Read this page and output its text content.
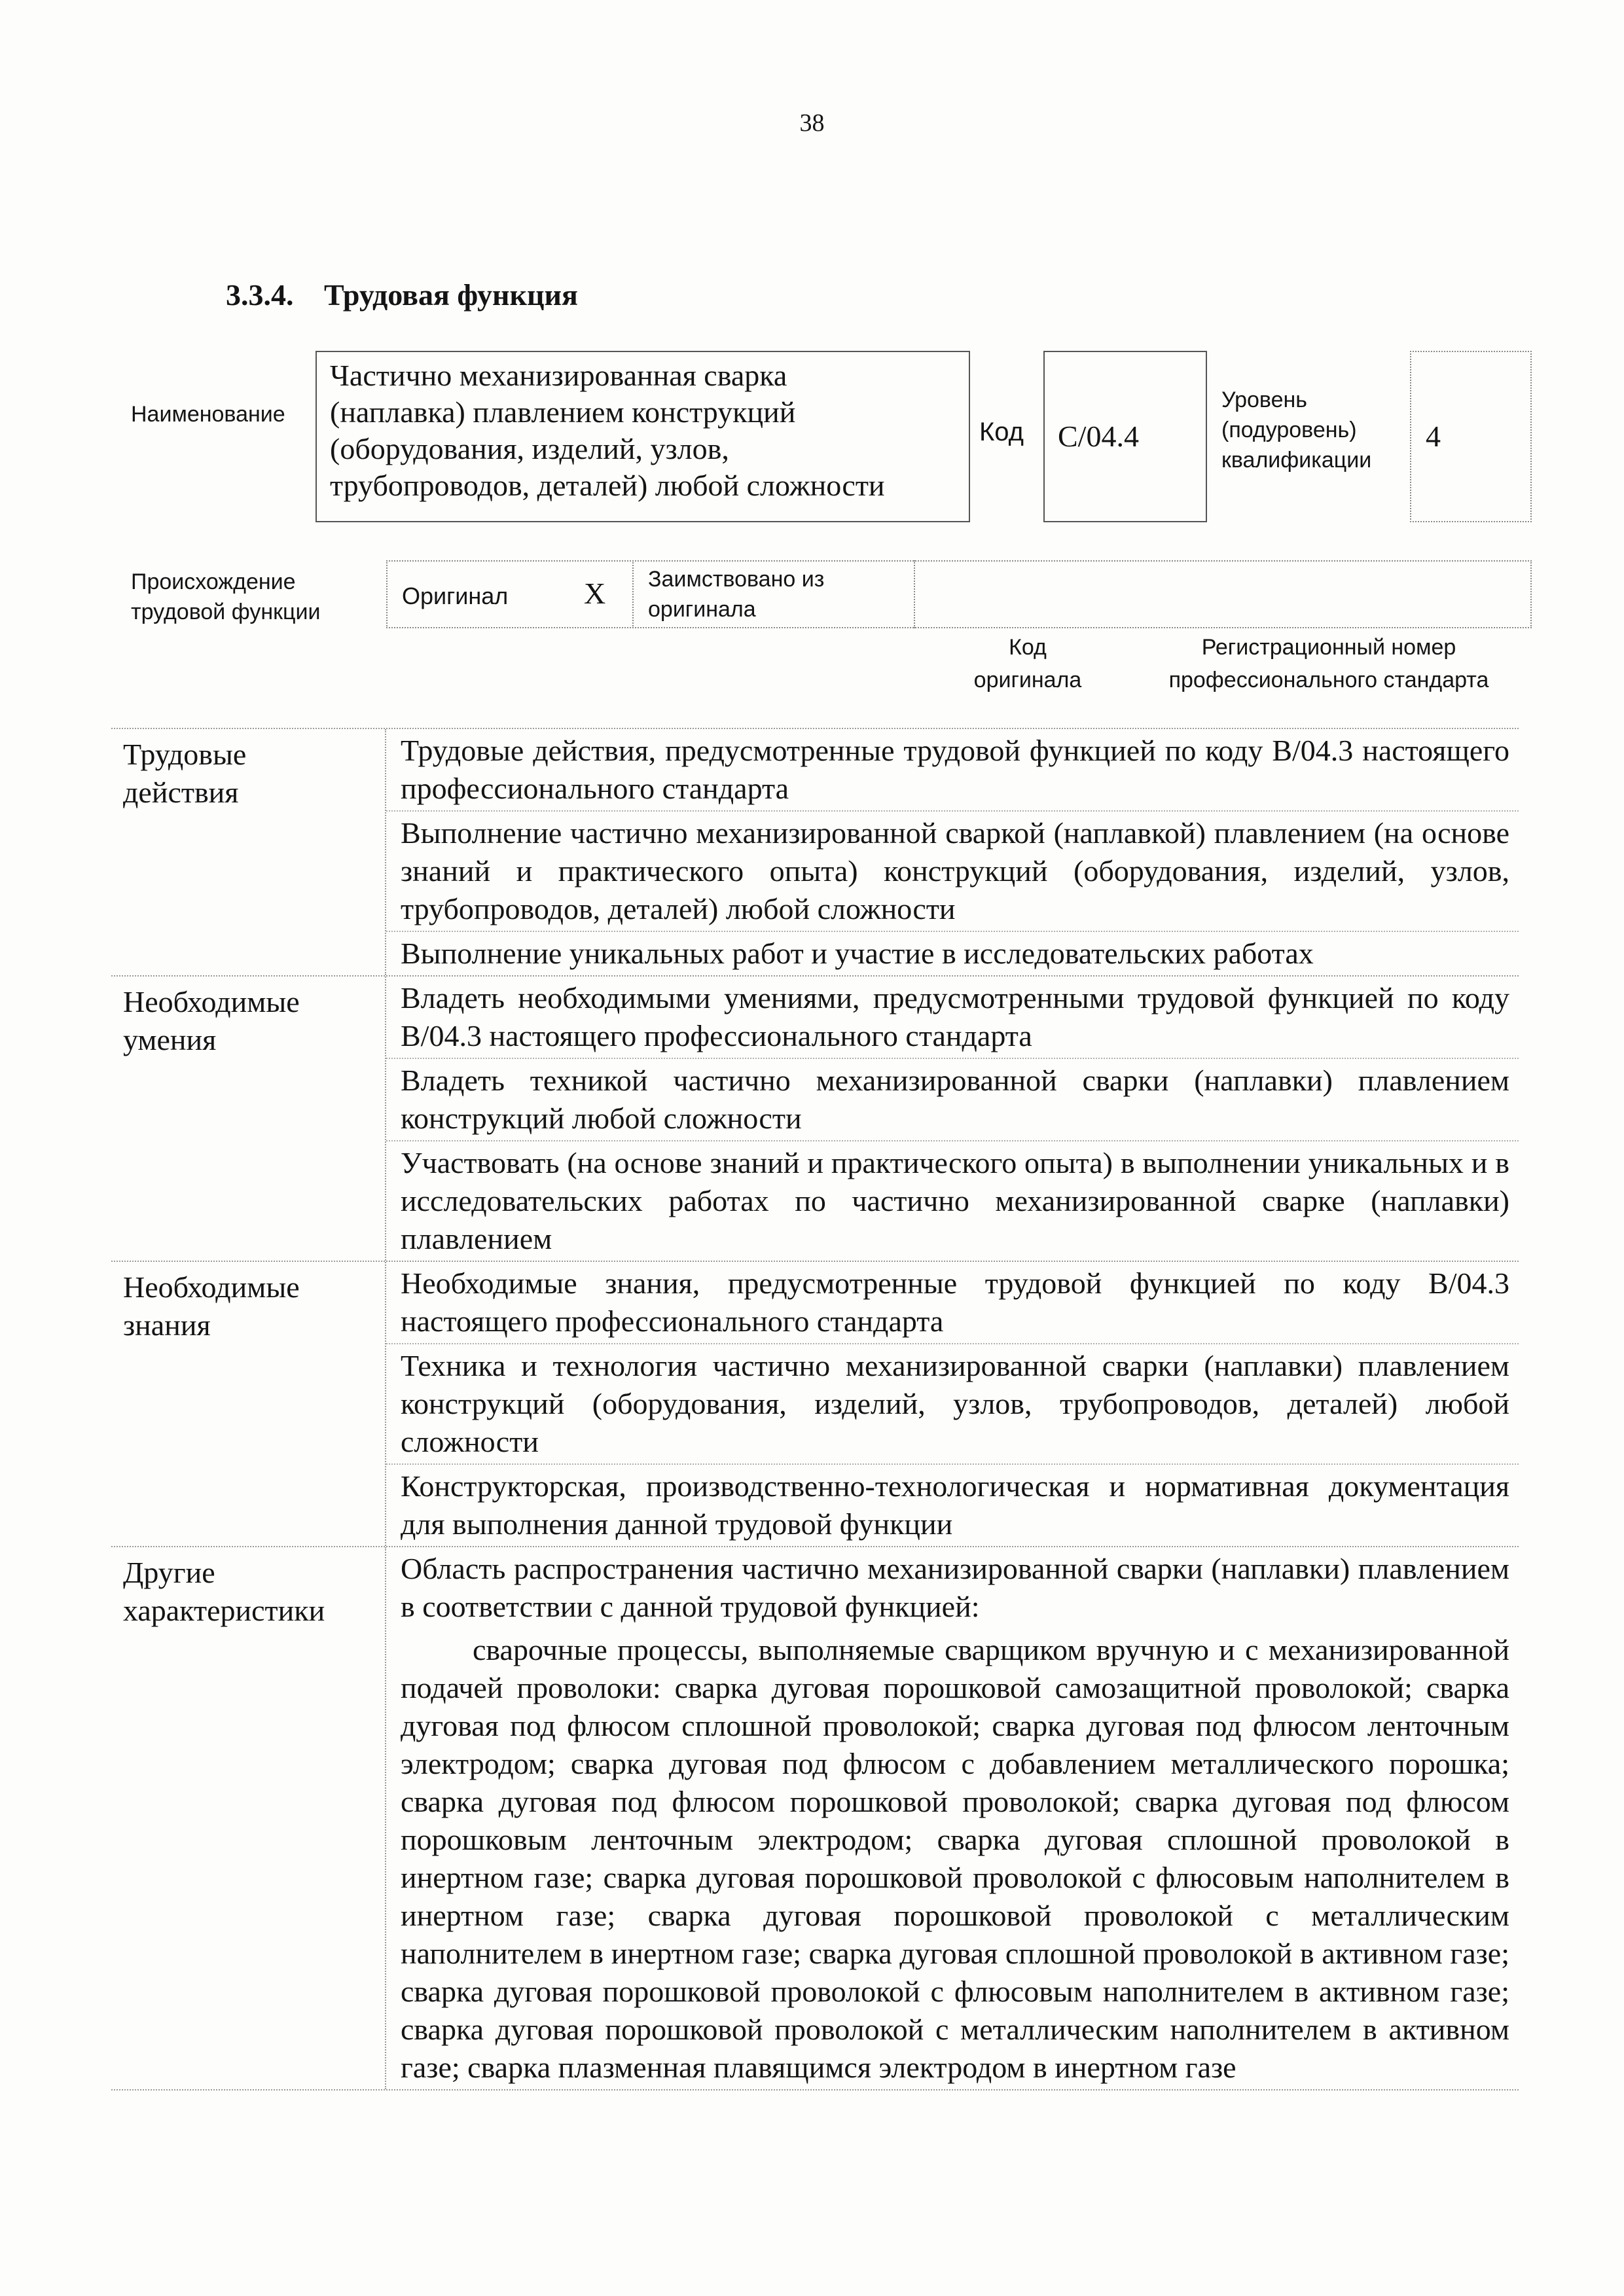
38
3.3.4. Трудовая функция
Наименование
Частично механизированная сварка
(наплавка) плавлением конструкций
(оборудования, изделий, узлов,
трубопроводов, деталей) любой сложности
Код С/04.4
Уровень
(подуровень)
квалификации
4
Происхождение
трудовой функции
Оригинал	X Заимствовано из
оригинала
Код
оригинала
Регистрационный номер
профессионального стандарта
Трудовые
действия
Трудовые действия, предусмотренные трудовой функцией по коду В/04.3 настоящего профессионального стандарта
Выполнение частично механизированной сваркой (наплавкой) плавлением (на основе знаний и практического опыта) конструкций (оборудования, изделий, узлов, трубопроводов, деталей) любой сложности
Выполнение уникальных работ и участие в исследовательских работах
Необходимые
умения
Владеть необходимыми умениями, предусмотренными трудовой функцией по коду В/04.3 настоящего профессионального стандарта
Владеть техникой частично механизированной сварки (наплавки) плавлением конструкций любой сложности
Участвовать (на основе знаний и практического опыта) в выполнении уникальных и в исследовательских работах по частично механизированной сварке (наплавки) плавлением
Необходимые
знания
Необходимые знания, предусмотренные трудовой функцией по коду В/04.3 настоящего профессионального стандарта
Техника и технология частично механизированной сварки (наплавки) плавлением конструкций (оборудования, изделий, узлов, трубопроводов, деталей) любой сложности
Конструкторская, производственно-технологическая и нормативная документация для выполнения данной трудовой функции
Другие
характеристики
Область распространения частично механизированной сварки (наплавки) плавлением в соответствии с данной трудовой функцией:
сварочные процессы, выполняемые сварщиком вручную и с механизированной подачей проволоки: сварка дуговая порошковой самозащитной проволокой; сварка дуговая под флюсом сплошной проволокой; сварка дуговая под флюсом ленточным электродом; сварка дуговая под флюсом с добавлением металлического порошка; сварка дуговая под флюсом порошковой проволокой; сварка дуговая под флюсом порошковым ленточным электродом; сварка дуговая сплошной проволокой в инертном газе; сварка дуговая порошковой проволокой с флюсовым наполнителем в инертном газе; сварка дуговая порошковой проволокой с металлическим наполнителем в инертном газе; сварка дуговая сплошной проволокой в активном газе; сварка дуговая порошковой проволокой с флюсовым наполнителем в активном газе; сварка дуговая порошковой проволокой с металлическим наполнителем в активном газе; сварка плазменная плавящимся электродом в инертном газе
